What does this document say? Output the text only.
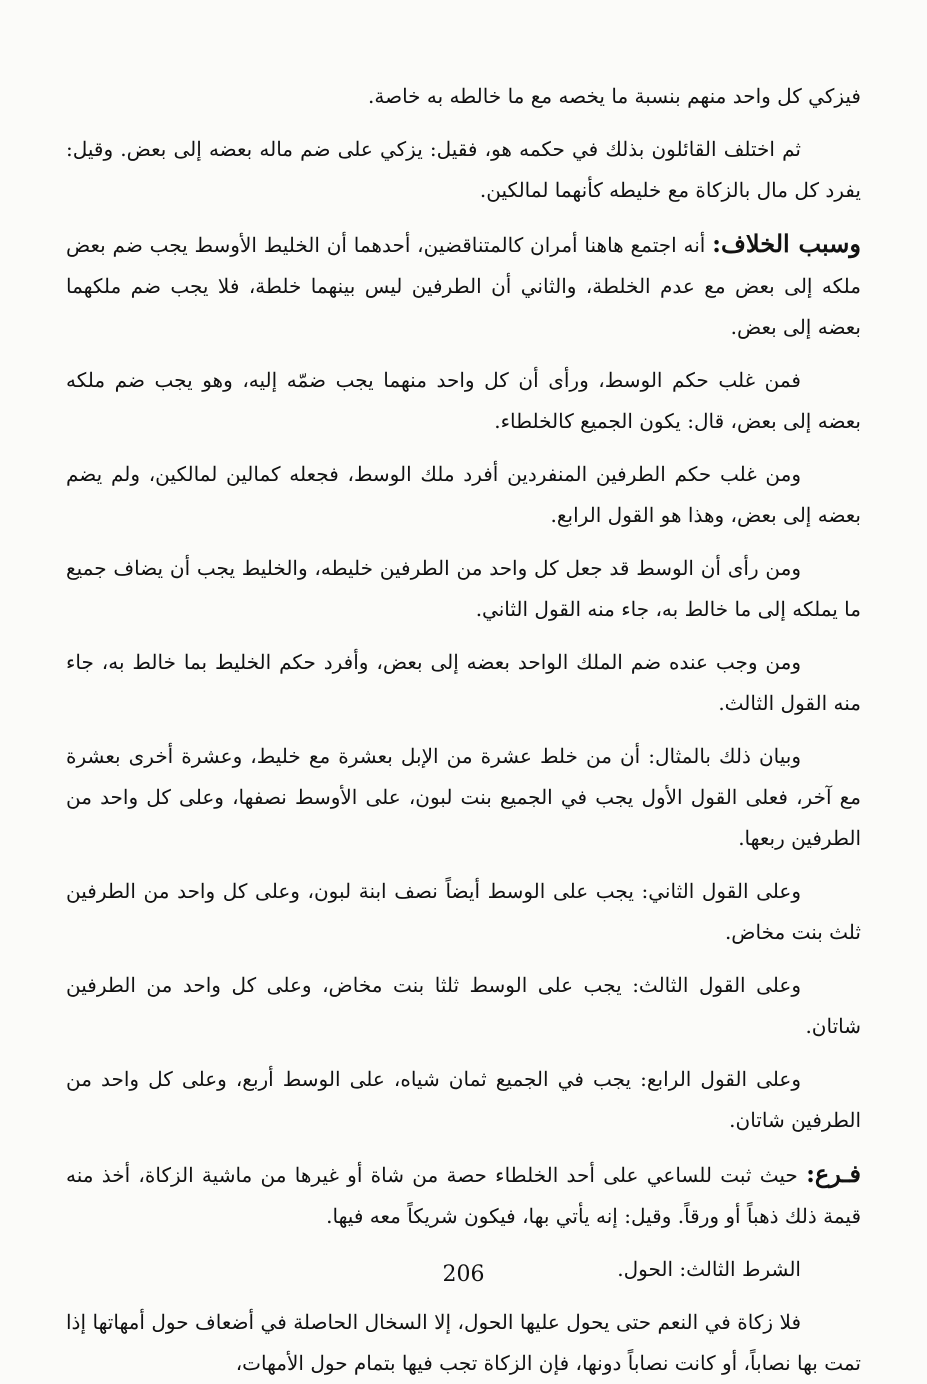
فيزكي كل واحد منهم بنسبة ما يخصه مع ما خالطه به خاصة.

ثم اختلف القائلون بذلك في حكمه هو، فقيل: يزكي على ضم ماله بعضه إلى بعض. وقيل: يفرد كل مال بالزكاة مع خليطه كأنهما لمالكين.

وسبب الخلاف: أنه اجتمع هاهنا أمران كالمتناقضين، أحدهما أن الخليط الأوسط يجب ضم بعض ملكه إلى بعض مع عدم الخلطة، والثاني أن الطرفين ليس بينهما خلطة، فلا يجب ضم ملكهما بعضه إلى بعض.

فمن غلب حكم الوسط، ورأى أن كل واحد منهما يجب ضمّه إليه، وهو يجب ضم ملكه بعضه إلى بعض، قال: يكون الجميع كالخلطاء.

ومن غلب حكم الطرفين المنفردين أفرد ملك الوسط، فجعله كمالين لمالكين، ولم يضم بعضه إلى بعض، وهذا هو القول الرابع.

ومن رأى أن الوسط قد جعل كل واحد من الطرفين خليطه، والخليط يجب أن يضاف جميع ما يملكه إلى ما خالط به، جاء منه القول الثاني.

ومن وجب عنده ضم الملك الواحد بعضه إلى بعض، وأفرد حكم الخليط بما خالط به، جاء منه القول الثالث.

وبيان ذلك بالمثال: أن من خلط عشرة من الإبل بعشرة مع خليط، وعشرة أخرى بعشرة مع آخر، فعلى القول الأول يجب في الجميع بنت لبون، على الأوسط نصفها، وعلى كل واحد من الطرفين ربعها.

وعلى القول الثاني: يجب على الوسط أيضاً نصف ابنة لبون، وعلى كل واحد من الطرفين ثلث بنت مخاض.

وعلى القول الثالث: يجب على الوسط ثلثا بنت مخاض، وعلى كل واحد من الطرفين شاتان.

وعلى القول الرابع: يجب في الجميع ثمان شياه، على الوسط أربع، وعلى كل واحد من الطرفين شاتان.

فـرع: حيث ثبت للساعي على أحد الخلطاء حصة من شاة أو غيرها من ماشية الزكاة، أخذ منه قيمة ذلك ذهباً أو ورقاً. وقيل: إنه يأتي بها، فيكون شريكاً معه فيها.

الشرط الثالث: الحول.

فلا زكاة في النعم حتى يحول عليها الحول، إلا السخال الحاصلة في أضعاف حول أمهاتها إذا تمت بها نصاباً، أو كانت نصاباً دونها، فإن الزكاة تجب فيها بتمام حول الأمهات،

206
